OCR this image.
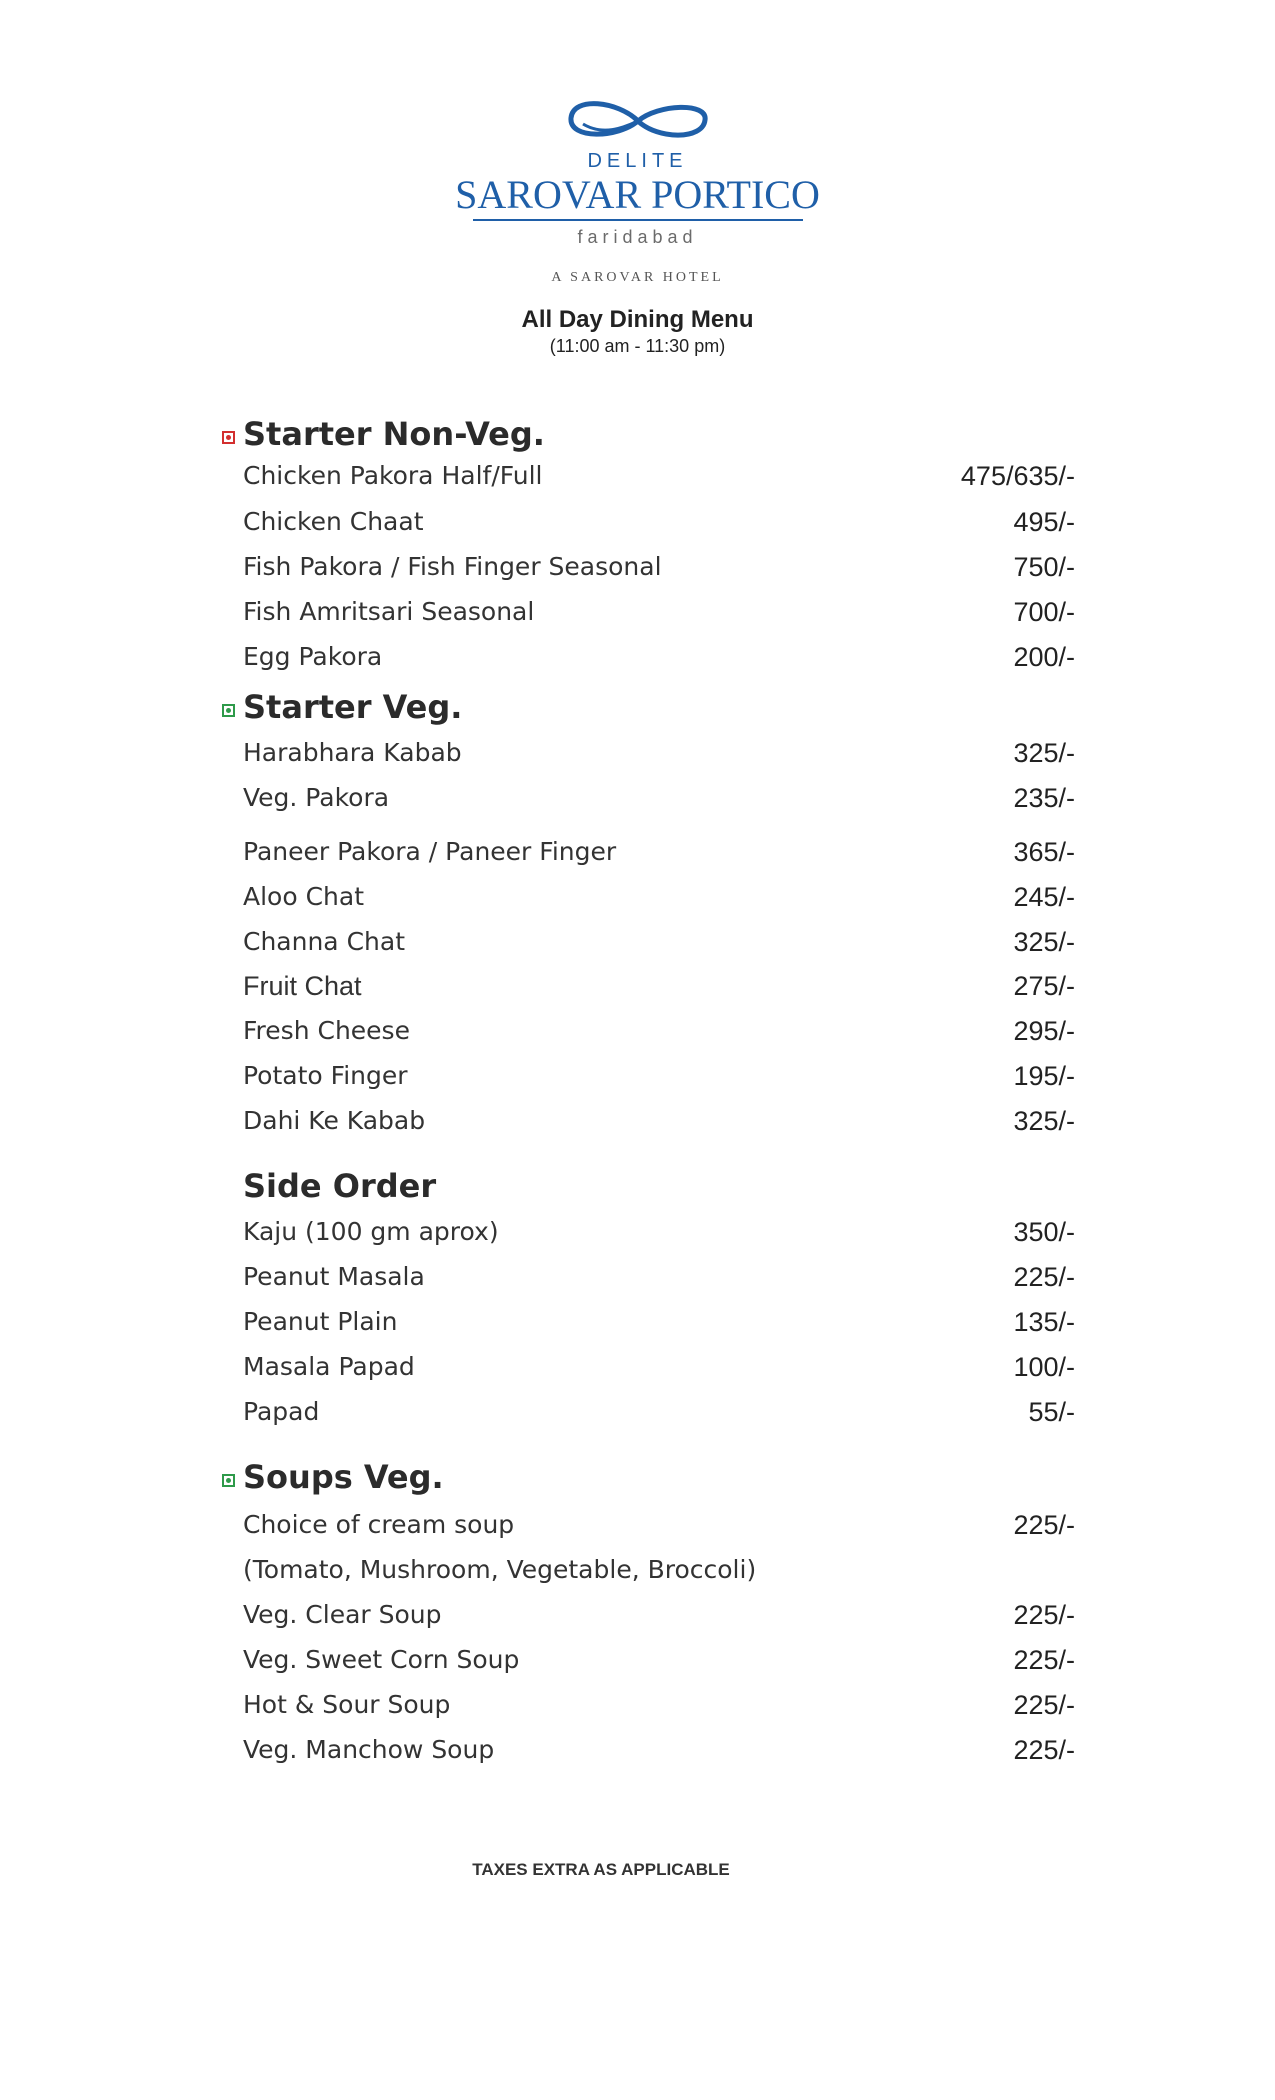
DELITE
SAROVAR PORTICO
faridabad
A SAROVAR HOTEL
All Day Dining Menu
(11:00 am - 11:30 pm)
Starter Non-Veg.
Chicken Pakora Half/Full	475/635/-
Chicken Chaat	495/-
Fish Pakora / Fish Finger Seasonal	750/-
Fish Amritsari Seasonal	700/-
Egg Pakora	200/-
Starter Veg.
Harabhara Kabab	325/-
Veg. Pakora	235/-
Paneer Pakora / Paneer Finger	365/-
Aloo Chat	245/-
Channa Chat	325/-
Fruit Chat	275/-
Fresh Cheese	295/-
Potato Finger	195/-
Dahi Ke Kabab	325/-
Side Order
Kaju (100 gm aprox)	350/-
Peanut Masala	225/-
Peanut Plain	135/-
Masala Papad	100/-
Papad	55/-
Soups Veg.
Choice of cream soup	225/-
(Tomato, Mushroom, Vegetable, Broccoli)
Veg. Clear Soup	225/-
Veg. Sweet Corn Soup	225/-
Hot & Sour Soup	225/-
Veg. Manchow Soup	225/-
TAXES EXTRA AS APPLICABLE
